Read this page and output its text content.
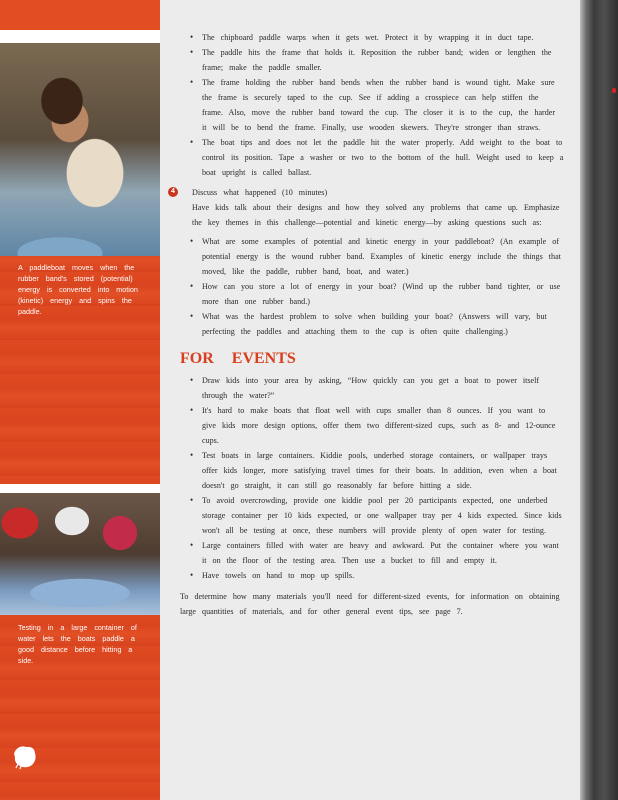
· · ·

A paddleboat moves when the rubber band's stored (potential) energy is converted into motion (kinetic) energy and spins the paddle.

· · ·

Testing in a large container of water lets the boats paddle a good distance before hitting a side.

• The chipboard paddle warps when it gets wet. Protect it by wrapping it in duct tape.
• The paddle hits the frame that holds it. Reposition the rubber band; widen or lengthen the frame; make the paddle smaller.
• The frame holding the rubber band bends when the rubber band is wound tight. Make sure the frame is securely taped to the cup. See if adding a crosspiece can help stiffen the frame. Also, move the rubber band toward the cup. The closer it is to the cup, the harder it will be to bend the frame. Finally, use wooden skewers. They're stronger than straws.
• The boat tips and does not let the paddle hit the water properly. Add weight to the boat to control its position. Tape a washer or two to the bottom of the hull. Weight used to keep a boat upright is called ballast.
4	Discuss what happened (10 minutes)

Have kids talk about their designs and how they solved any problems that came up. Emphasize the key themes in this challenge—potential and kinetic energy—by asking questions such as:

• What are some examples of potential and kinetic energy in your paddleboat? (An example of potential energy is the wound rubber band. Examples of kinetic energy include the things that moved, like the paddle, rubber band, boat, and water.)
• How can you store a lot of energy in your boat? (Wind up the rubber band tighter, or use more than one rubber band.)
• What was the hardest problem to solve when building your boat? (Answers will vary, but perfecting the paddles and attaching them to the cup is often quite challenging.)
FOR EVENTS
• Draw kids into your area by asking, “How quickly can you get a boat to power itself through the water?”
• It's hard to make boats that float well with cups smaller than 8 ounces. If you want to give kids more design options, offer them two different-sized cups, such as 8- and 12-ounce cups.
• Test boats in large containers. Kiddie pools, underbed storage containers, or wallpaper trays offer kids longer, more satisfying travel times for their boats. In addition, even when a boat doesn't go straight, it can still go reasonably far before hitting a side.
• To avoid overcrowding, provide one kiddie pool per 20 participants expected, one underbed storage container per 10 kids expected, or one wallpaper tray per 4 kids expected. Since kids won't all be testing at once, these numbers will provide plenty of open water for testing.
• Large containers filled with water are heavy and awkward. Put the container where you want it on the floor of the testing area. Then use a bucket to fill and empty it.
• Have towels on hand to mop up spills.

To determine how many materials you'll need for different-sized events, for information on obtaining large quantities of materials, and for other general event tips, see page 7.
